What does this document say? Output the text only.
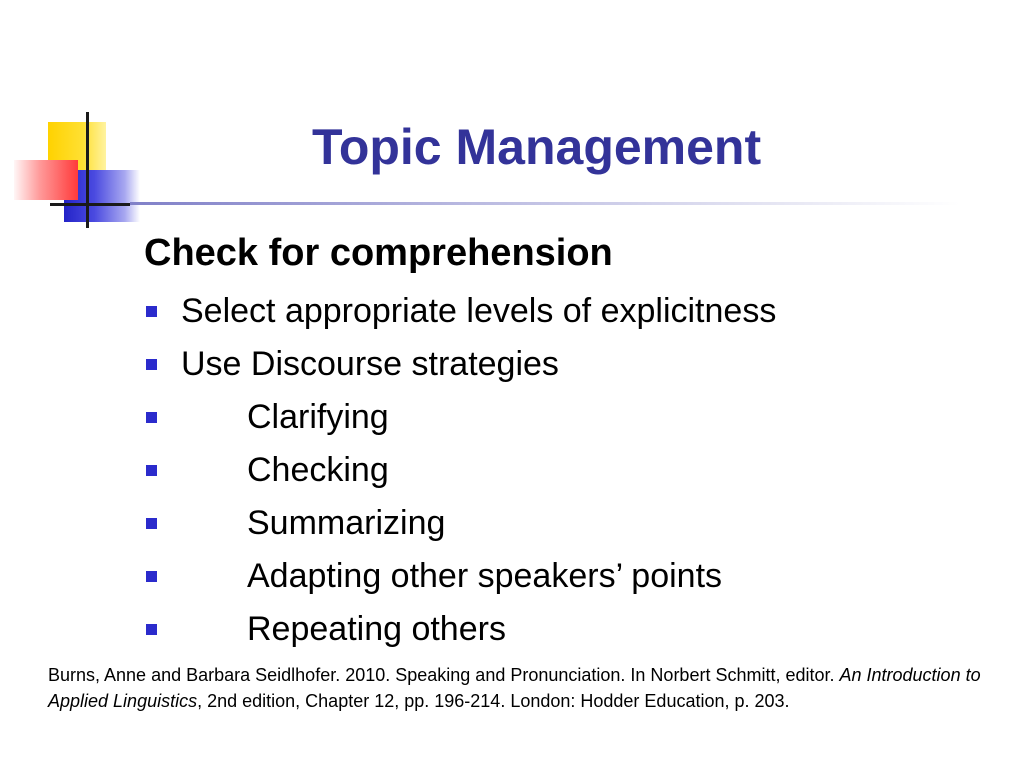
Topic Management
Check for comprehension
Select appropriate levels of explicitness
Use Discourse strategies
Clarifying
Checking
Summarizing
Adapting other speakers’ points
Repeating others

Burns, Anne and Barbara Seidlhofer. 2010. Speaking and Pronunciation. In Norbert Schmitt, editor. An Introduction to Applied Linguistics, 2nd edition, Chapter 12, pp. 196-214. London: Hodder Education, p. 203.
